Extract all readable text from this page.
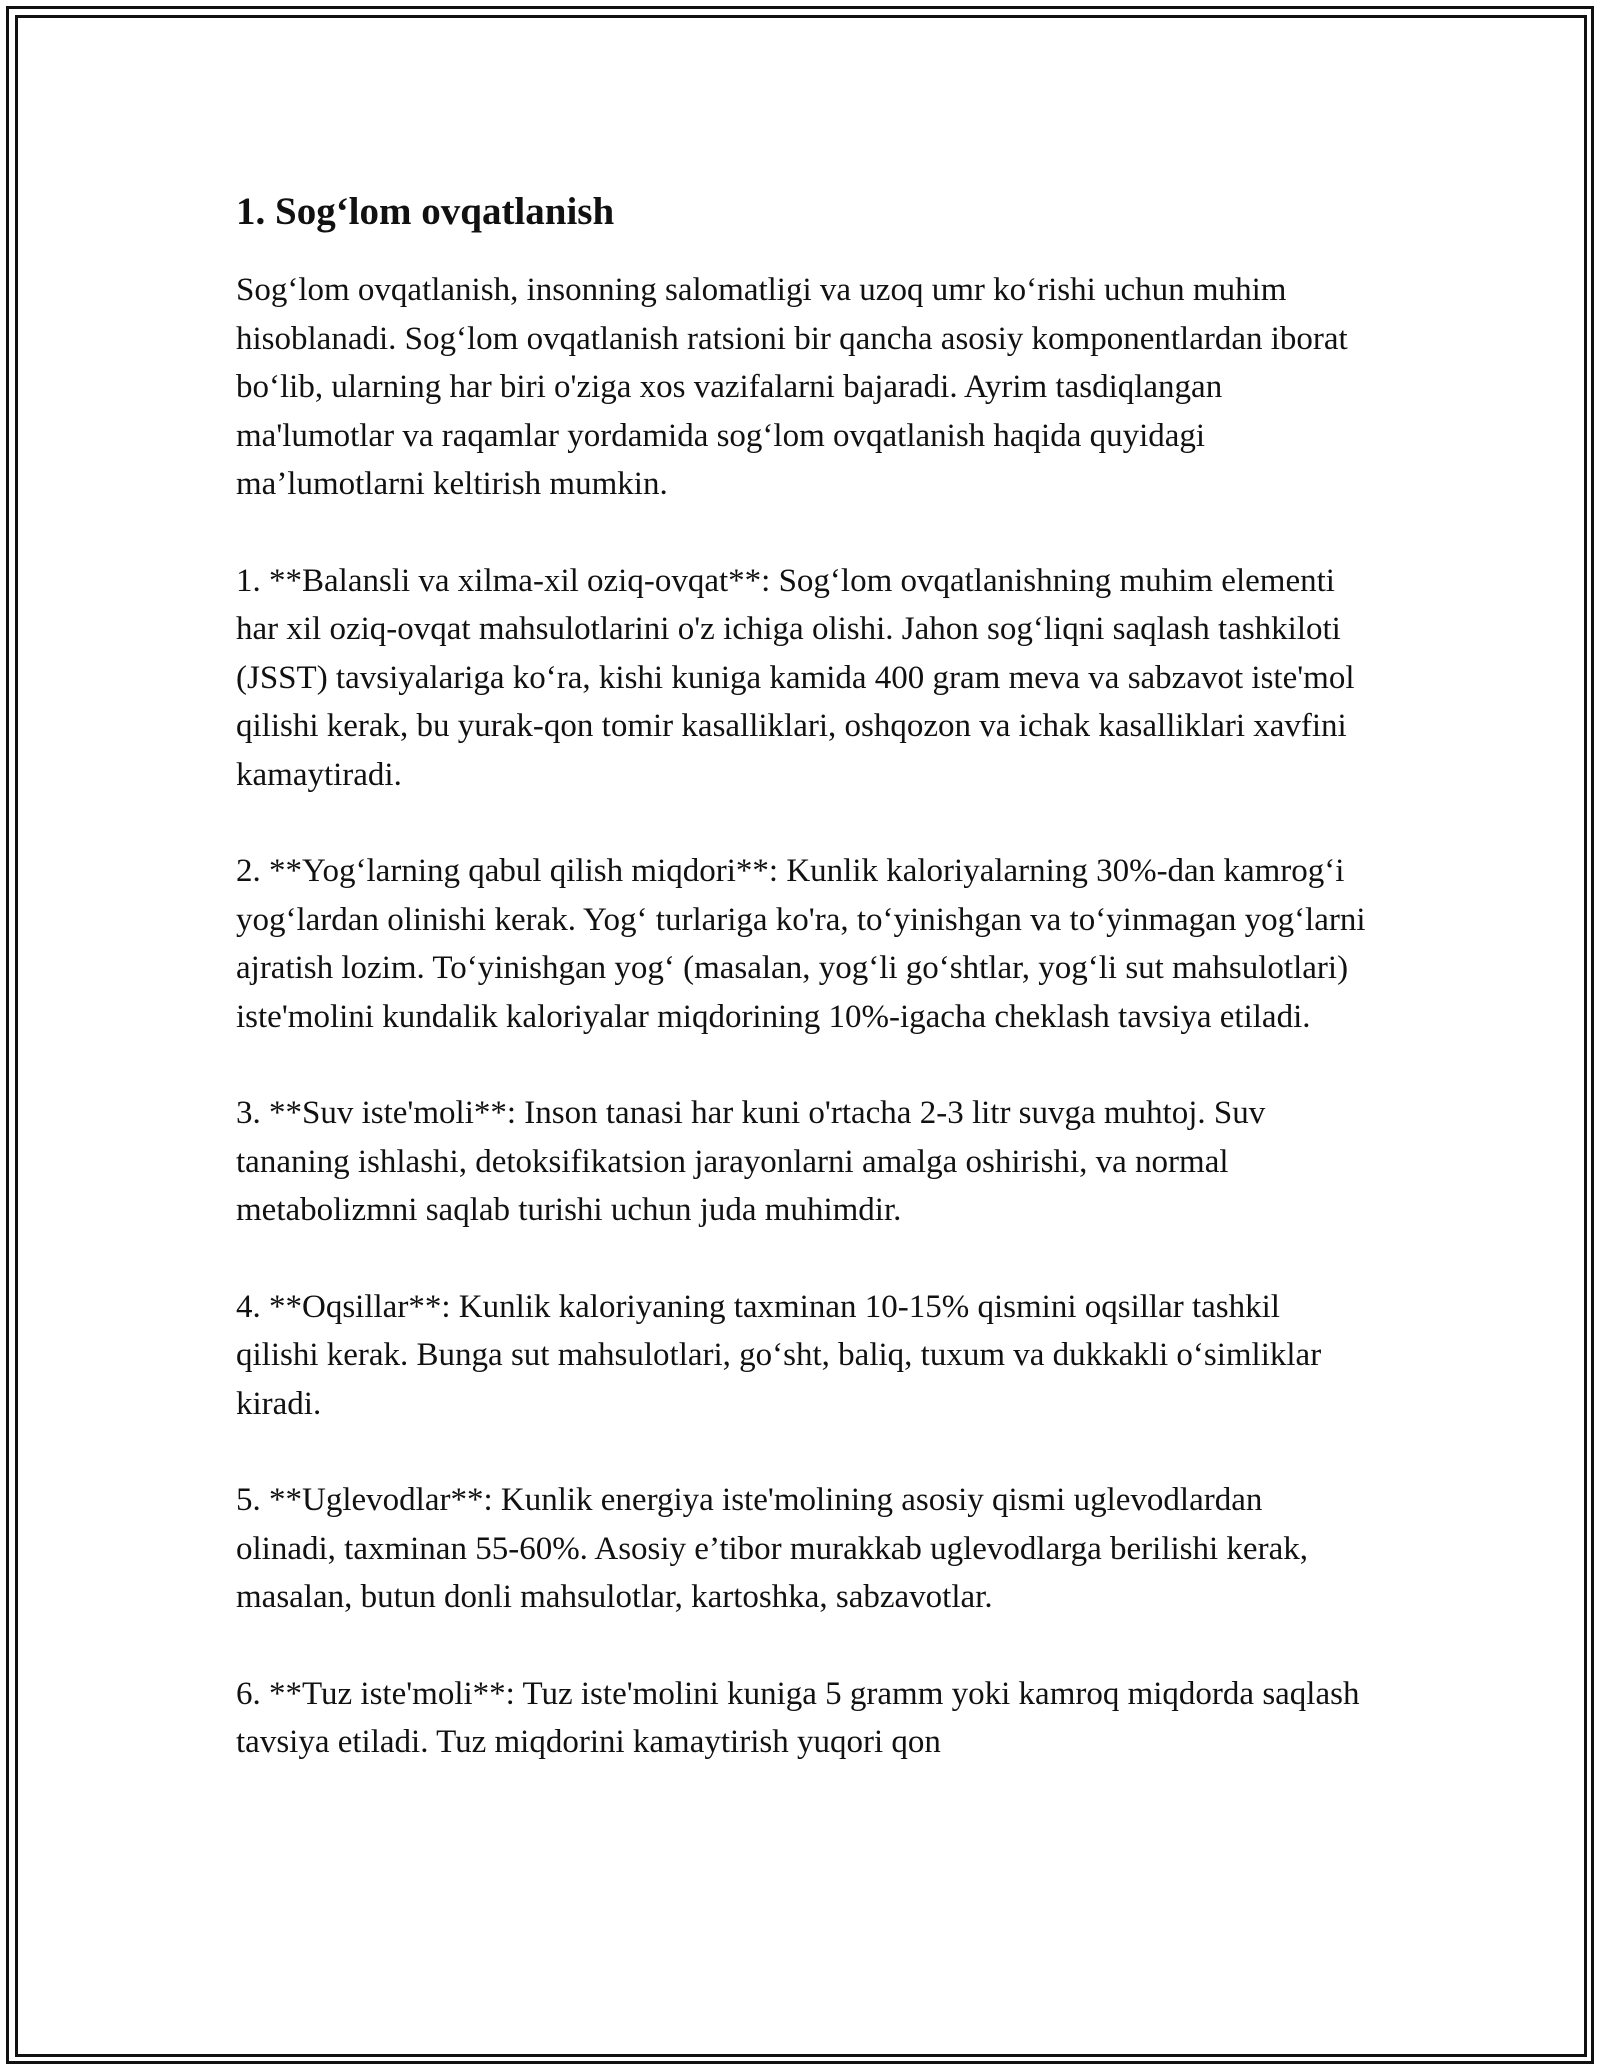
1. Sog‘lom ovqatlanish

Sog‘lom ovqatlanish, insonning salomatligi va uzoq umr ko‘rishi uchun muhim hisoblanadi. Sog‘lom ovqatlanish ratsioni bir qancha asosiy komponentlardan iborat bo‘lib, ularning har biri o'ziga xos vazifalarni bajaradi. Ayrim tasdiqlangan ma'lumotlar va raqamlar yordamida sog‘lom ovqatlanish haqida quyidagi ma’lumotlarni keltirish mumkin.

1. **Balansli va xilma-xil oziq-ovqat**: Sog‘lom ovqatlanishning muhim elementi har xil oziq-ovqat mahsulotlarini o'z ichiga olishi. Jahon sog‘liqni saqlash tashkiloti (JSST) tavsiyalariga ko‘ra, kishi kuniga kamida 400 gram meva va sabzavot iste'mol qilishi kerak, bu yurak-qon tomir kasalliklari, oshqozon va ichak kasalliklari xavfini kamaytiradi.

2. **Yog‘larning qabul qilish miqdori**: Kunlik kaloriyalarning 30%-dan kamrog‘i yog‘lardan olinishi kerak. Yog‘ turlariga ko'ra, to‘yinishgan va to‘yinmagan yog‘larni ajratish lozim. To‘yinishgan yog‘ (masalan, yog‘li go‘shtlar, yog‘li sut mahsulotlari) iste'molini kundalik kaloriyalar miqdorining 10%-igacha cheklash tavsiya etiladi.

3. **Suv iste'moli**: Inson tanasi har kuni o'rtacha 2-3 litr suvga muhtoj. Suv tananing ishlashi, detoksifikatsion jarayonlarni amalga oshirishi, va normal metabolizmni saqlab turishi uchun juda muhimdir.

4. **Oqsillar**: Kunlik kaloriyaning taxminan 10-15% qismini oqsillar tashkil qilishi kerak. Bunga sut mahsulotlari, go‘sht, baliq, tuxum va dukkakli o‘simliklar kiradi.

5. **Uglevodlar**: Kunlik energiya iste'molining asosiy qismi uglevodlardan olinadi, taxminan 55-60%. Asosiy e’tibor murakkab uglevodlarga berilishi kerak, masalan, butun donli mahsulotlar, kartoshka, sabzavotlar.

6. **Tuz iste'moli**: Tuz iste'molini kuniga 5 gramm yoki kamroq miqdorda saqlash tavsiya etiladi. Tuz miqdorini kamaytirish yuqori qon
